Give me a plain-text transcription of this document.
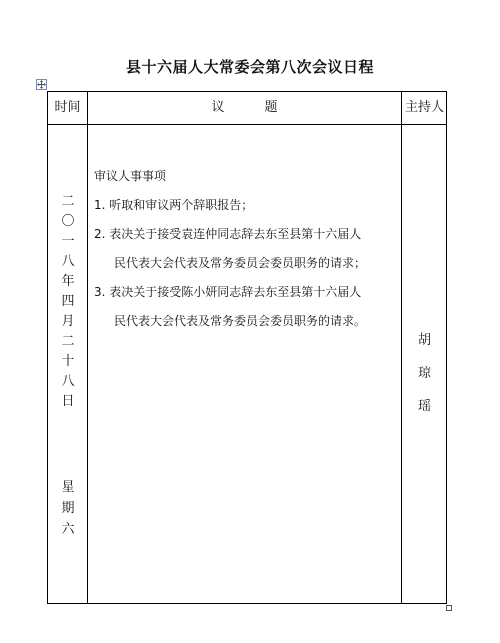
县十六届人大常委会第八次会议日程
时间	议题	主持人
二
〇
一
八
年
四
月
二
十
八
日
星
期
六
审议人事事项
1. 听取和审议两个辞职报告；
2. 表决关于接受袁连仲同志辞去东至县第十六届人
民代表大会代表及常务委员会委员职务的请求；
3. 表决关于接受陈小妍同志辞去东至县第十六届人
民代表大会代表及常务委员会委员职务的请求。
胡
琼
瑶
